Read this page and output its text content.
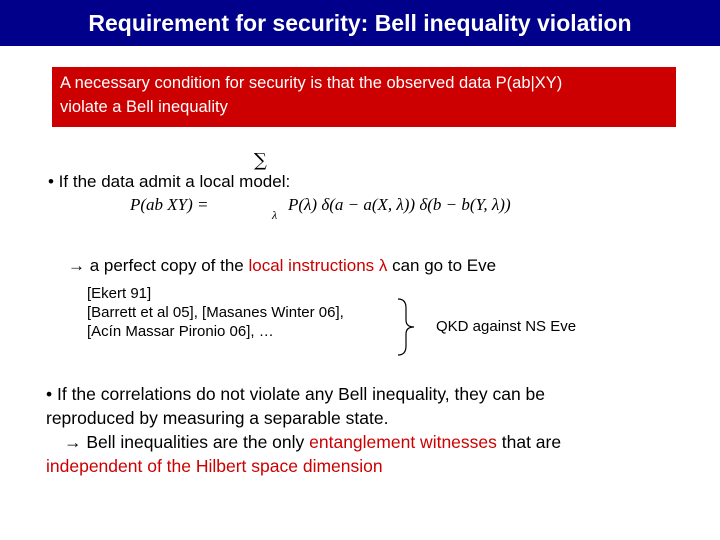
Requirement for security: Bell inequality violation
A necessary condition for security is that the observed data P(ab|XY)
violate a Bell inequality
• If the data admit a local model:
∑
P(ab XY) =
λ
P(λ) δ(a − a(X, λ)) δ(b − b(Y, λ))
→ a perfect copy of the local instructions λ can go to Eve
[Ekert 91]
[Barrett et al 05], [Masanes Winter 06],
[Acín Massar Pironio 06], …	QKD against NS Eve
• If the correlations do not violate any Bell inequality, they can be
reproduced by measuring a separable state.
→ Bell inequalities are the only entanglement witnesses that are
independent of the Hilbert space dimension
